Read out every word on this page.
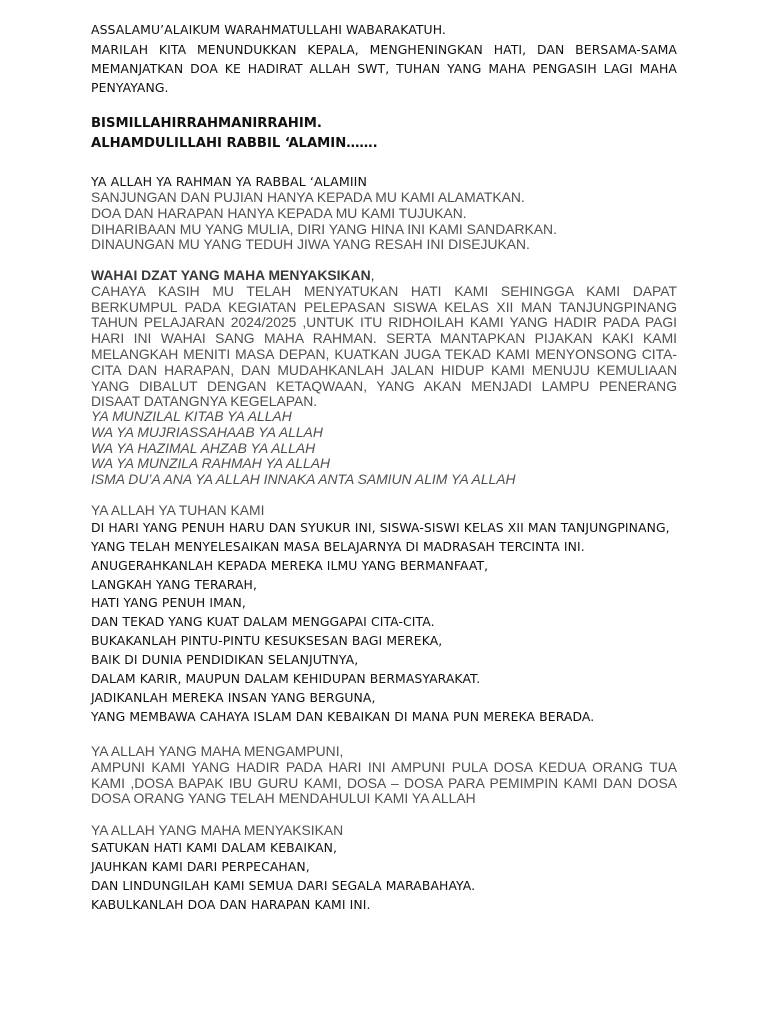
ASSALAMU’ALAIKUM WARAHMATULLAHI WABARAKATUH.
MARILAH KITA MENUNDUKKAN KEPALA, MENGHENINGKAN HATI, DAN BERSAMA-SAMA MEMANJATKAN DOA KE HADIRAT ALLAH SWT, TUHAN YANG MAHA PENGASIH LAGI MAHA PENYAYANG.
BISMILLAHIRRAHMANIRRAHIM.
ALHAMDULILLAHI RABBIL ‘ALAMIN…….
YA ALLAH YA RAHMAN YA RABBAL ‘ALAMIIN
SANJUNGAN DAN PUJIAN HANYA KEPADA MU KAMI ALAMATKAN.
DOA DAN HARAPAN HANYA KEPADA MU KAMI TUJUKAN.
DIHARIBAAN MU YANG MULIA, DIRI YANG HINA INI KAMI SANDARKAN.
DINAUNGAN MU YANG TEDUH JIWA YANG RESAH INI DISEJUKAN.
WAHAI DZAT YANG MAHA MENYAKSIKAN,
CAHAYA KASIH MU TELAH MENYATUKAN HATI KAMI SEHINGGA KAMI DAPAT BERKUMPUL PADA KEGIATAN PELEPASAN SISWA KELAS XII MAN TANJUNGPINANG TAHUN PELAJARAN 2024/2025 ,UNTUK ITU RIDHOILAH KAMI YANG HADIR PADA PAGI HARI INI WAHAI SANG MAHA RAHMAN. SERTA MANTAPKAN PIJAKAN KAKI KAMI MELANGKAH MENITI MASA DEPAN, KUATKAN JUGA TEKAD KAMI MENYONSONG CITA-CITA DAN HARAPAN, DAN MUDAHKANLAH JALAN HIDUP KAMI MENUJU KEMULIAAN YANG DIBALUT DENGAN KETAQWAAN, YANG AKAN MENJADI LAMPU PENERANG DISAAT DATANGNYA KEGELAPAN.
YA MUNZILAL KITAB YA ALLAH
WA YA MUJRIASSAHAAB YA ALLAH
WA YA HAZIMAL AHZAB YA ALLAH
WA YA MUNZILA RAHMAH YA ALLAH
ISMA DU’A ANA YA ALLAH INNAKA ANTA SAMIUN ALIM YA ALLAH
YA ALLAH YA TUHAN KAMI
DI HARI YANG PENUH HARU DAN SYUKUR INI, SISWA-SISWI KELAS XII MAN TANJUNGPINANG,
YANG TELAH MENYELESAIKAN MASA BELAJARNYA DI MADRASAH TERCINTA INI.
ANUGERAHKANLAH KEPADA MEREKA ILMU YANG BERMANFAAT,
LANGKAH YANG TERARAH,
HATI YANG PENUH IMAN,
DAN TEKAD YANG KUAT DALAM MENGGAPAI CITA-CITA.
BUKAKANLAH PINTU-PINTU KESUKSESAN BAGI MEREKA,
BAIK DI DUNIA PENDIDIKAN SELANJUTNYA,
DALAM KARIR, MAUPUN DALAM KEHIDUPAN BERMASYARAKAT.
JADIKANLAH MEREKA INSAN YANG BERGUNA,
YANG MEMBAWA CAHAYA ISLAM DAN KEBAIKAN DI MANA PUN MEREKA BERADA.
YA ALLAH YANG MAHA MENGAMPUNI,
AMPUNI KAMI YANG HADIR PADA HARI INI AMPUNI PULA DOSA KEDUA ORANG TUA KAMI ,DOSA BAPAK IBU GURU KAMI, DOSA – DOSA PARA PEMIMPIN KAMI DAN DOSA DOSA ORANG YANG TELAH MENDAHULUI KAMI YA ALLAH
YA ALLAH YANG MAHA MENYAKSIKAN
SATUKAN HATI KAMI DALAM KEBAIKAN,
JAUHKAN KAMI DARI PERPECAHAN,
DAN LINDUNGILAH KAMI SEMUA DARI SEGALA MARABAHAYA.
KABULKANLAH DOA DAN HARAPAN KAMI INI.
